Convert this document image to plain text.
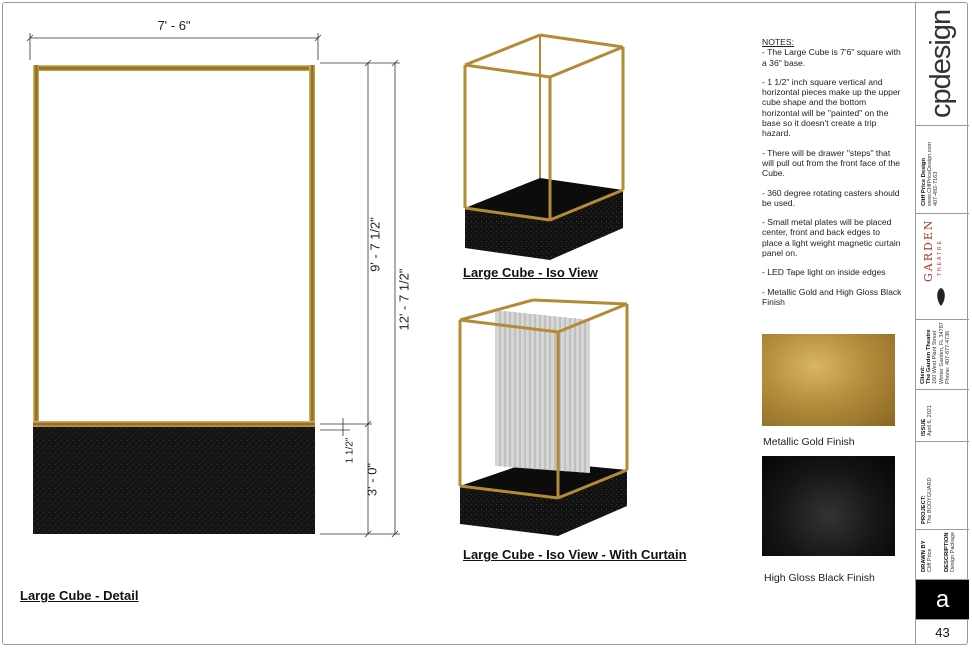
7' - 6"
9' - 7 1/2"
12' - 7 1/2"
1 1/2"
3' - 0"
Large Cube - Detail
Large Cube - Iso View
Large Cube - Iso View - With Curtain
NOTES:

- The Large Cube is 7'6" square with a 36" base.

- 1 1/2" inch square vertical and horizontal pieces make up the upper cube shape and the bottom horizontal will be "painted" on the base so it doesn't create a trip hazard.

- There will be drawer "steps" that will pull out from the front face of the Cube.

- 360 degree rotating casters should be used.

- Small metal plates will be placed center, front and back edges to place a light weight magnetic curtain panel on.

- LED Tape light on inside edges

- Metallic Gold and High Gloss Black Finish

Metallic Gold Finish
High Gloss Black Finish
cpdesign
Cliff Price Design
www.CliffPriceDesign.com
407-492-7163
GARDEN THEATRE
Client:
The Garden Theatre
160 West Plant Street
Winter Garden, FL 34787
Phone: 407-877-4736
ISSUE
April 6, 2021
PROJECT:
The BODYGUARD
DRAWN BY
Cliff Price DESCRIPTION
Design Package
a
43
